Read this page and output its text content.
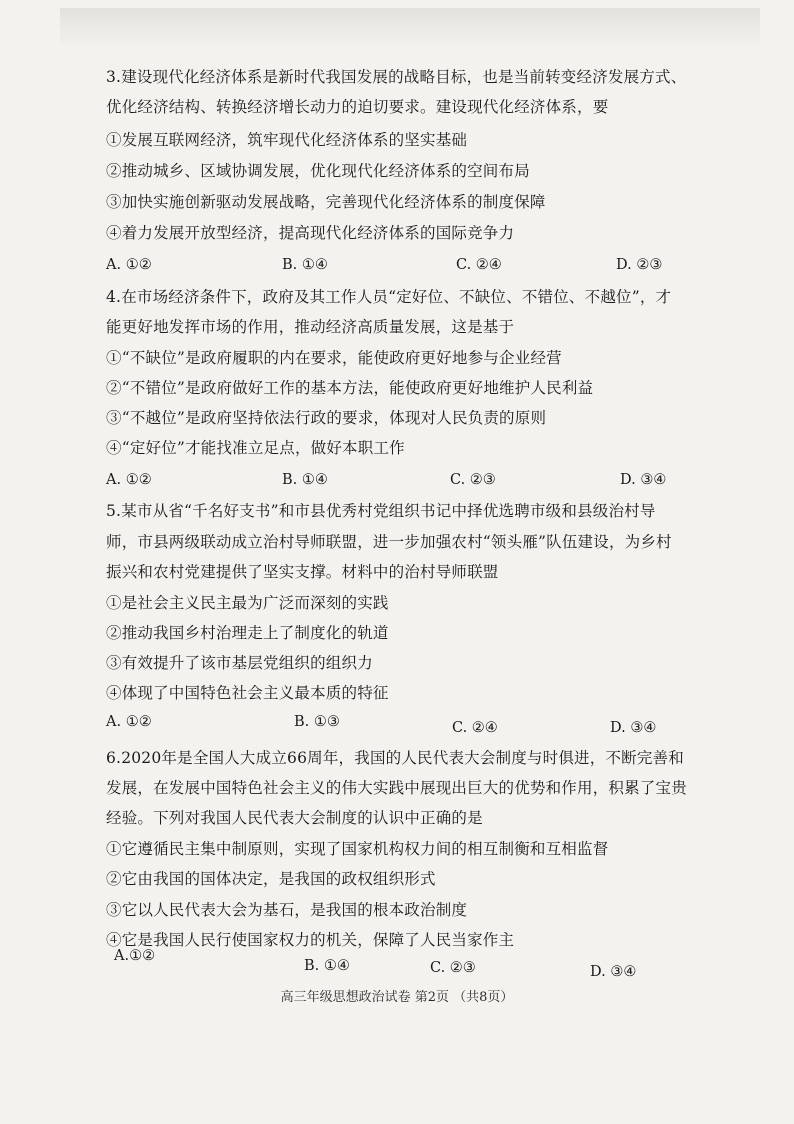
3.建设现代化经济体系是新时代我国发展的战略目标，也是当前转变经济发展方式、
优化经济结构、转换经济增长动力的迫切要求。建设现代化经济体系，要
①发展互联网经济，筑牢现代化经济体系的坚实基础
②推动城乡、区域协调发展，优化现代化经济体系的空间布局
③加快实施创新驱动发展战略，完善现代化经济体系的制度保障
④着力发展开放型经济，提高现代化经济体系的国际竞争力
A. ①②	B. ①④	C. ②④	D. ②③
4.在市场经济条件下，政府及其工作人员“定好位、不缺位、不错位、不越位”，才
能更好地发挥市场的作用，推动经济高质量发展，这是基于
①“不缺位”是政府履职的内在要求，能使政府更好地参与企业经营
②“不错位”是政府做好工作的基本方法，能使政府更好地维护人民利益
③“不越位”是政府坚持依法行政的要求，体现对人民负责的原则
④“定好位”才能找准立足点，做好本职工作
A. ①②	B. ①④	C. ②③	D. ③④
5.某市从省“千名好支书”和市县优秀村党组织书记中择优选聘市级和县级治村导
师，市县两级联动成立治村导师联盟，进一步加强农村“领头雁”队伍建设，为乡村
振兴和农村党建提供了坚实支撑。材料中的治村导师联盟
①是社会主义民主最为广泛而深刻的实践
②推动我国乡村治理走上了制度化的轨道
③有效提升了该市基层党组织的组织力
④体现了中国特色社会主义最本质的特征
A. ①②	B. ①③	C. ②④	D. ③④
6.2020年是全国人大成立66周年，我国的人民代表大会制度与时俱进，不断完善和
发展，在发展中国特色社会主义的伟大实践中展现出巨大的优势和作用，积累了宝贵
经验。下列对我国人民代表大会制度的认识中正确的是
①它遵循民主集中制原则，实现了国家机构权力间的相互制衡和互相监督
②它由我国的国体决定，是我国的政权组织形式
③它以人民代表大会为基石，是我国的根本政治制度
④它是我国人民行使国家权力的机关，保障了人民当家作主
A.①②
B. ①④	C. ②③	D. ③④
高三年级思想政治试卷 第2页 （共8页）
